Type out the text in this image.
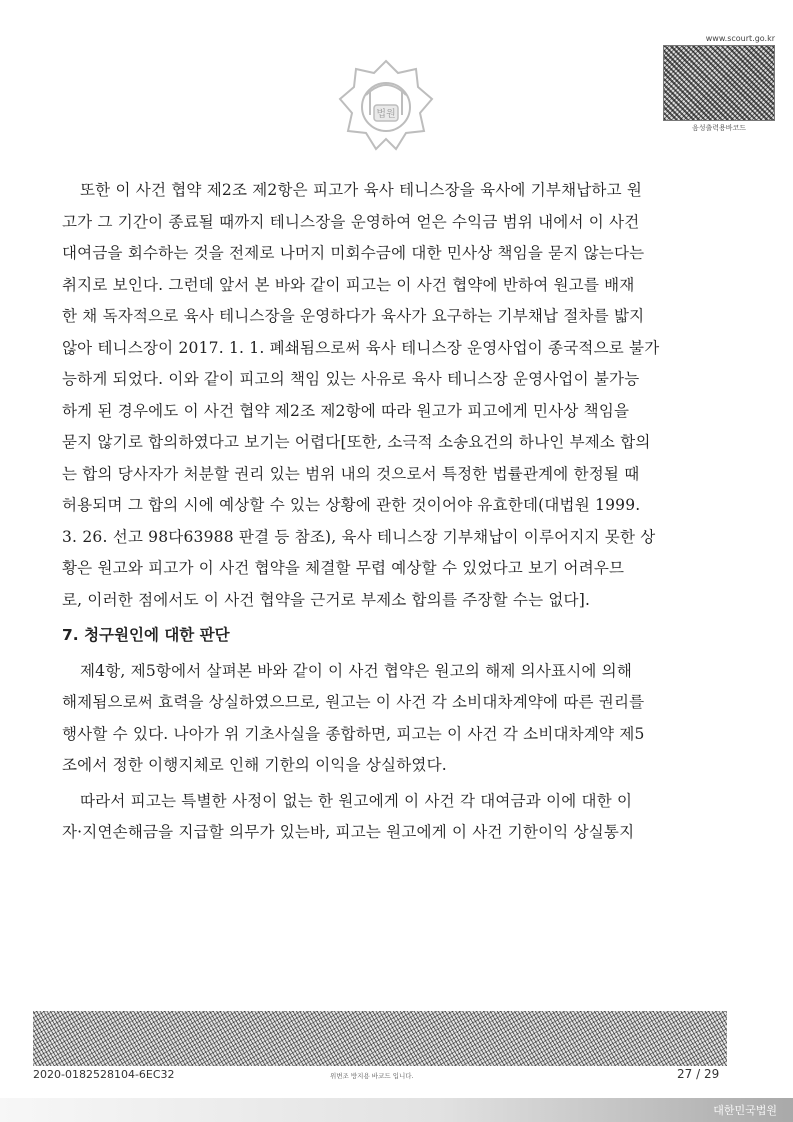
법원
www.scourt.go.kr
음성출력용바코드

또한 이 사건 협약 제2조 제2항은 피고가 육사 테니스장을 육사에 기부채납하고 원
고가 그 기간이 종료될 때까지 테니스장을 운영하여 얻은 수익금 범위 내에서 이 사건
대여금을 회수하는 것을 전제로 나머지 미회수금에 대한 민사상 책임을 묻지 않는다는
취지로 보인다. 그런데 앞서 본 바와 같이 피고는 이 사건 협약에 반하여 원고를 배재
한 채 독자적으로 육사 테니스장을 운영하다가 육사가 요구하는 기부채납 절차를 밟지
않아 테니스장이 2017. 1. 1. 폐쇄됨으로써 육사 테니스장 운영사업이 종국적으로 불가
능하게 되었다. 이와 같이 피고의 책임 있는 사유로 육사 테니스장 운영사업이 불가능
하게 된 경우에도 이 사건 협약 제2조 제2항에 따라 원고가 피고에게 민사상 책임을
묻지 않기로 합의하였다고 보기는 어렵다[또한, 소극적 소송요건의 하나인 부제소 합의
는 합의 당사자가 처분할 권리 있는 범위 내의 것으로서 특정한 법률관계에 한정될 때
허용되며 그 합의 시에 예상할 수 있는 상황에 관한 것이어야 유효한데(대법원 1999.
3. 26. 선고 98다63988 판결 등 참조), 육사 테니스장 기부채납이 이루어지지 못한 상
황은 원고와 피고가 이 사건 협약을 체결할 무렵 예상할 수 있었다고 보기 어려우므
로, 이러한 점에서도 이 사건 협약을 근거로 부제소 합의를 주장할 수는 없다].

7. 청구원인에 대한 판단

제4항, 제5항에서 살펴본 바와 같이 이 사건 협약은 원고의 해제 의사표시에 의해
해제됨으로써 효력을 상실하였으므로, 원고는 이 사건 각 소비대차계약에 따른 권리를
행사할 수 있다. 나아가 위 기초사실을 종합하면, 피고는 이 사건 각 소비대차계약 제5
조에서 정한 이행지체로 인해 기한의 이익을 상실하였다.

따라서 피고는 특별한 사정이 없는 한 원고에게 이 사건 각 대여금과 이에 대한 이
자·지연손해금을 지급할 의무가 있는바, 피고는 원고에게 이 사건 기한이익 상실통지

2020-0182528104-6EC32	위변조 방지용 바코드 입니다.	27 / 29
대한민국법원
